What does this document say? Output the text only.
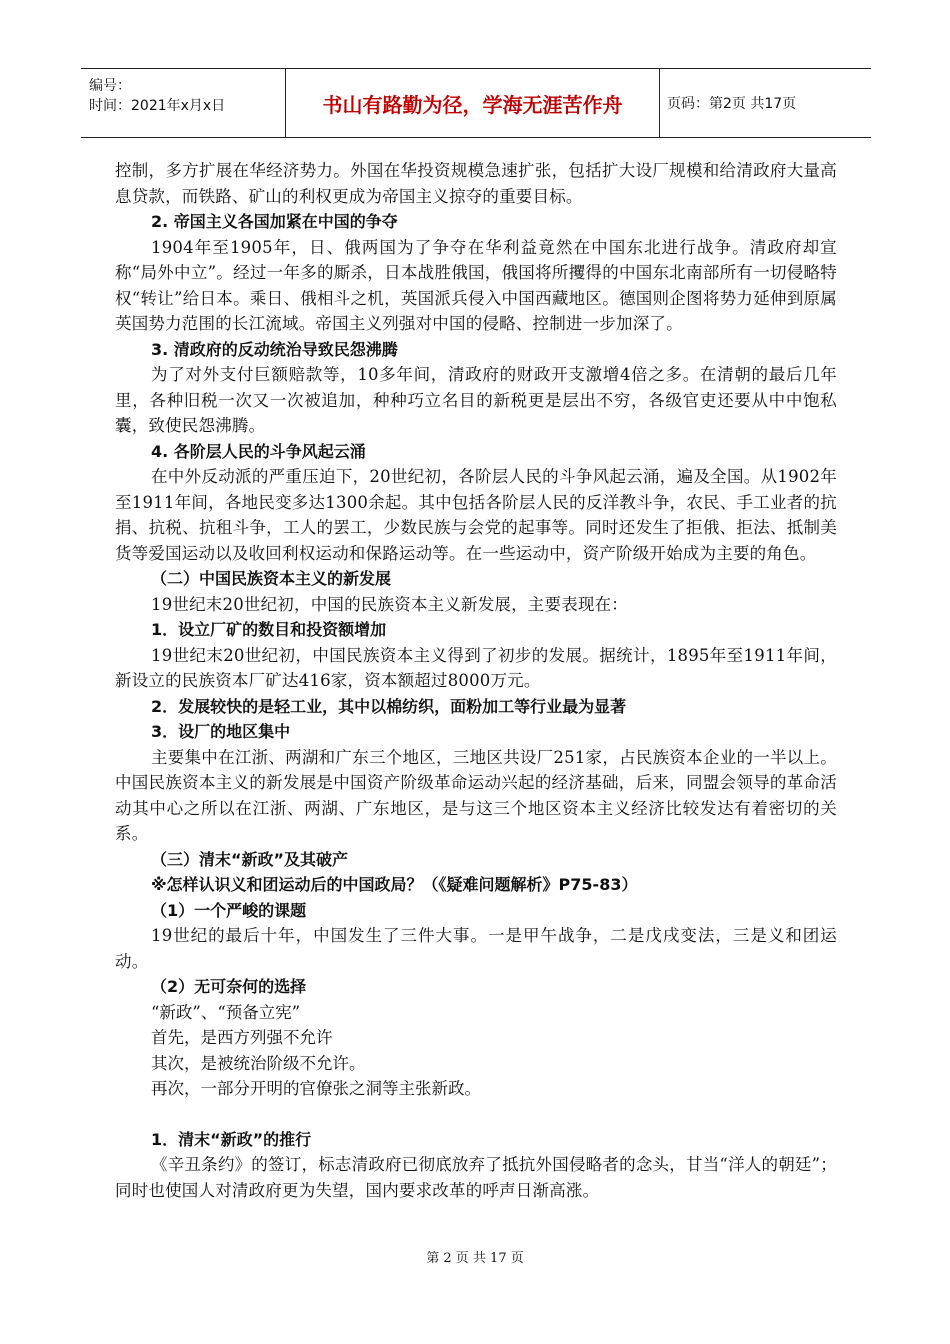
编号：
时间：2021年x月x日	书山有路勤为径，学海无涯苦作舟	页码：第2页 共17页

控制，多方扩展在华经济势力。外国在华投资规模急速扩张，包括扩大设厂规模和给清政府大量高息贷款，而铁路、矿山的利权更成为帝国主义掠夺的重要目标。

2. 帝国主义各国加紧在中国的争夺

1904年至1905年，日、俄两国为了争夺在华利益竟然在中国东北进行战争。清政府却宣称“局外中立”。经过一年多的厮杀，日本战胜俄国，俄国将所攫得的中国东北南部所有一切侵略特权“转让”给日本。乘日、俄相斗之机，英国派兵侵入中国西藏地区。德国则企图将势力延伸到原属英国势力范围的长江流域。帝国主义列强对中国的侵略、控制进一步加深了。

3. 清政府的反动统治导致民怨沸腾

为了对外支付巨额赔款等，10多年间，清政府的财政开支激增4倍之多。在清朝的最后几年里，各种旧税一次又一次被追加，种种巧立名目的新税更是层出不穷，各级官吏还要从中中饱私囊，致使民怨沸腾。

4. 各阶层人民的斗争风起云涌

在中外反动派的严重压迫下，20世纪初，各阶层人民的斗争风起云涌，遍及全国。从1902年至1911年间，各地民变多达1300余起。其中包括各阶层人民的反洋教斗争，农民、手工业者的抗捐、抗税、抗租斗争，工人的罢工，少数民族与会党的起事等。同时还发生了拒俄、拒法、抵制美货等爱国运动以及收回利权运动和保路运动等。在一些运动中，资产阶级开始成为主要的角色。

（二）中国民族资本主义的新发展

19世纪末20世纪初，中国的民族资本主义新发展，主要表现在：

1．设立厂矿的数目和投资额增加

19世纪末20世纪初，中国民族资本主义得到了初步的发展。据统计，1895年至1911年间，新设立的民族资本厂矿达416家，资本额超过8000万元。

2．发展较快的是轻工业，其中以棉纺织，面粉加工等行业最为显著

3．设厂的地区集中

主要集中在江浙、两湖和广东三个地区，三地区共设厂251家，占民族资本企业的一半以上。中国民族资本主义的新发展是中国资产阶级革命运动兴起的经济基础，后来，同盟会领导的革命活动其中心之所以在江浙、两湖、广东地区，是与这三个地区资本主义经济比较发达有着密切的关系。

（三）清末“新政”及其破产

※怎样认识义和团运动后的中国政局？（《疑难问题解析》P75-83）

（1）一个严峻的课题

19世纪的最后十年，中国发生了三件大事。一是甲午战争，二是戊戌变法，三是义和团运动。

（2）无可奈何的选择

“新政”、“预备立宪”

首先，是西方列强不允许

其次，是被统治阶级不允许。

再次，一部分开明的官僚张之洞等主张新政。

1．清末“新政”的推行

《辛丑条约》的签订，标志清政府已彻底放弃了抵抗外国侵略者的念头，甘当“洋人的朝廷”；同时也使国人对清政府更为失望，国内要求改革的呼声日渐高涨。

第 2 页 共 17 页
